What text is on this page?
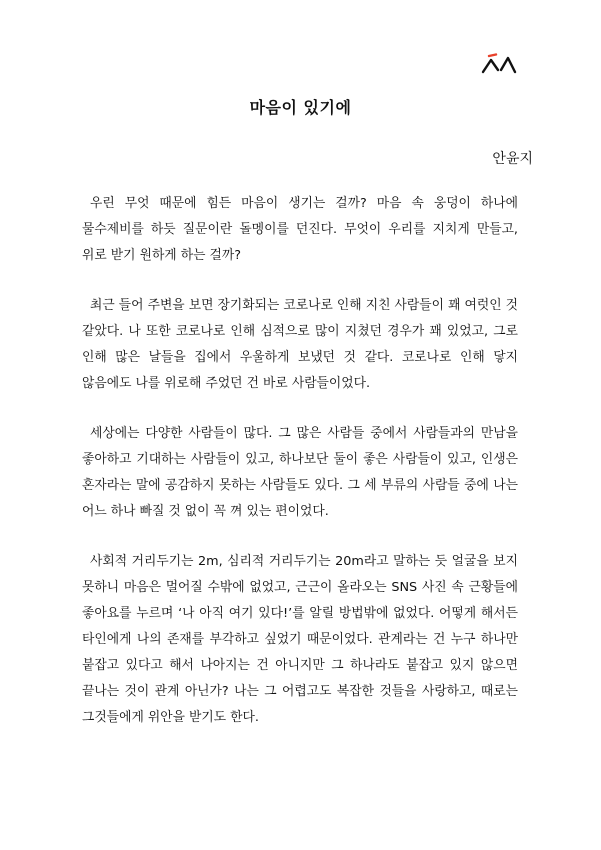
마음이 있기에

안윤지

우린 무엇 때문에 힘든 마음이 생기는 걸까? 마음 속 웅덩이 하나에 물수제비를 하듯 질문이란 돌멩이를 던진다. 무엇이 우리를 지치게 만들고, 위로 받기 원하게 하는 걸까?

최근 들어 주변을 보면 장기화되는 코로나로 인해 지친 사람들이 꽤 여럿인 것 같았다. 나 또한 코로나로 인해 심적으로 많이 지쳤던 경우가 꽤 있었고, 그로 인해 많은 날들을 집에서 우울하게 보냈던 것 같다. 코로나로 인해 닿지 않음에도 나를 위로해 주었던 건 바로 사람들이었다.

세상에는 다양한 사람들이 많다. 그 많은 사람들 중에서 사람들과의 만남을 좋아하고 기대하는 사람들이 있고, 하나보단 둘이 좋은 사람들이 있고, 인생은 혼자라는 말에 공감하지 못하는 사람들도 있다. 그 세 부류의 사람들 중에 나는 어느 하나 빠질 것 없이 꼭 껴 있는 편이었다.

사회적 거리두기는 2m, 심리적 거리두기는 20m라고 말하는 듯 얼굴을 보지 못하니 마음은 멀어질 수밖에 없었고, 근근이 올라오는 SNS 사진 속 근황들에 좋아요를 누르며 ‘나 아직 여기 있다!’를 알릴 방법밖에 없었다. 어떻게 해서든 타인에게 나의 존재를 부각하고 싶었기 때문이었다. 관계라는 건 누구 하나만 붙잡고 있다고 해서 나아지는 건 아니지만 그 하나라도 붙잡고 있지 않으면 끝나는 것이 관계 아닌가? 나는 그 어렵고도 복잡한 것들을 사랑하고, 때로는 그것들에게 위안을 받기도 한다.
